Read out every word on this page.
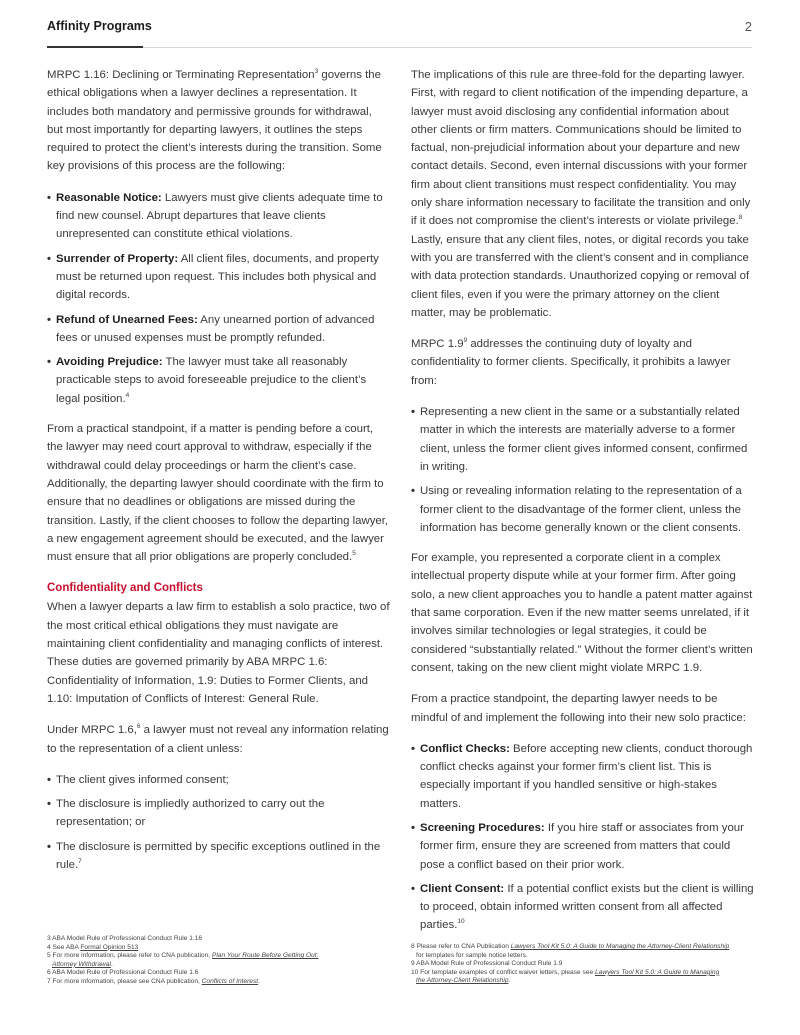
Affinity Programs	2

MRPC 1.16: Declining or Terminating Representation$^3$ governs the ethical obligations when a lawyer declines a representation. It includes both mandatory and permissive grounds for withdrawal, but most importantly for departing lawyers, it outlines the steps required to protect the client’s interests during the transition. Some key provisions of this process are the following:

• Reasonable Notice: Lawyers must give clients adequate time to find new counsel. Abrupt departures that leave clients unrepresented can constitute ethical violations.
• Surrender of Property: All client files, documents, and property must be returned upon request. This includes both physical and digital records.
• Refund of Unearned Fees: Any unearned portion of advanced fees or unused expenses must be promptly refunded.
• Avoiding Prejudice: The lawyer must take all reasonably practicable steps to avoid foreseeable prejudice to the client’s legal position.$^4$

From a practical standpoint, if a matter is pending before a court, the lawyer may need court approval to withdraw, especially if the withdrawal could delay proceedings or harm the client’s case. Additionally, the departing lawyer should coordinate with the firm to ensure that no deadlines or obligations are missed during the transition. Lastly, if the client chooses to follow the departing lawyer, a new engagement agreement should be executed, and the lawyer must ensure that all prior obligations are properly concluded.$^5$

Confidentiality and Conflicts

When a lawyer departs a law firm to establish a solo practice, two of the most critical ethical obligations they must navigate are maintaining client confidentiality and managing conflicts of interest. These duties are governed primarily by ABA MRPC 1.6: Confidentiality of Information, 1.9: Duties to Former Clients, and 1.10: Imputation of Conflicts of Interest: General Rule.

Under MRPC 1.6,$^6$ a lawyer must not reveal any information relating to the representation of a client unless:

• The client gives informed consent;
• The disclosure is impliedly authorized to carry out the representation; or
• The disclosure is permitted by specific exceptions outlined in the rule.$^7$

The implications of this rule are three-fold for the departing lawyer. First, with regard to client notification of the impending departure, a lawyer must avoid disclosing any confidential information about other clients or firm matters. Communications should be limited to factual, non-prejudicial information about your departure and new contact details. Second, even internal discussions with your former firm about client transitions must respect confidentiality. You may only share information necessary to facilitate the transition and only if it does not compromise the client’s interests or violate privilege.$^8$ Lastly, ensure that any client files, notes, or digital records you take with you are transferred with the client’s consent and in compliance with data protection standards. Unauthorized copying or removal of client files, even if you were the primary attorney on the client matter, may be problematic.

MRPC $1.9^9$ addresses the continuing duty of loyalty and confidentiality to former clients. Specifically, it prohibits a lawyer from:

• Representing a new client in the same or a substantially related matter in which the interests are materially adverse to a former client, unless the former client gives informed consent, confirmed in writing.
• Using or revealing information relating to the representation of a former client to the disadvantage of the former client, unless the information has become generally known or the client consents.

For example, you represented a corporate client in a complex intellectual property dispute while at your former firm. After going solo, a new client approaches you to handle a patent matter against that same corporation. Even if the new matter seems unrelated, if it involves similar technologies or legal strategies, it could be considered “substantially related.” Without the former client’s written consent, taking on the new client might violate MRPC 1.9.

From a practice standpoint, the departing lawyer needs to be mindful of and implement the following into their new solo practice:

• Conflict Checks: Before accepting new clients, conduct thorough conflict checks against your former firm’s client list. This is especially important if you handled sensitive or high-stakes matters.
• Screening Procedures: If you hire staff or associates from your former firm, ensure they are screened from matters that could pose a conflict based on their prior work.
• Client Consent: If a potential conflict exists but the client is willing to proceed, obtain informed written consent from all affected parties.$^{10}$
3 ABA Model Rule of Professional Conduct Rule 1.16
4 See ABA Formal Opinion 513
5 For more information, please refer to CNA publication, Plan Your Route Before Getting Out:
Attorney Withdrawal.
6 ABA Model Rule of Professional Conduct Rule 1.6
7 For more information, please see CNA publication, Conflicts of Interest.
8 Please refer to CNA Publication Lawyers Tool Kit 5.0: A Guide to Managing the Attorney-Client Relationship
for templates for sample notice letters.
9 ABA Model Rule of Professional Conduct Rule 1.9
10 For template examples of conflict waiver letters, please see Lawyers Tool Kit 5.0: A Guide to Managing
the Attorney-Client Relationship.
